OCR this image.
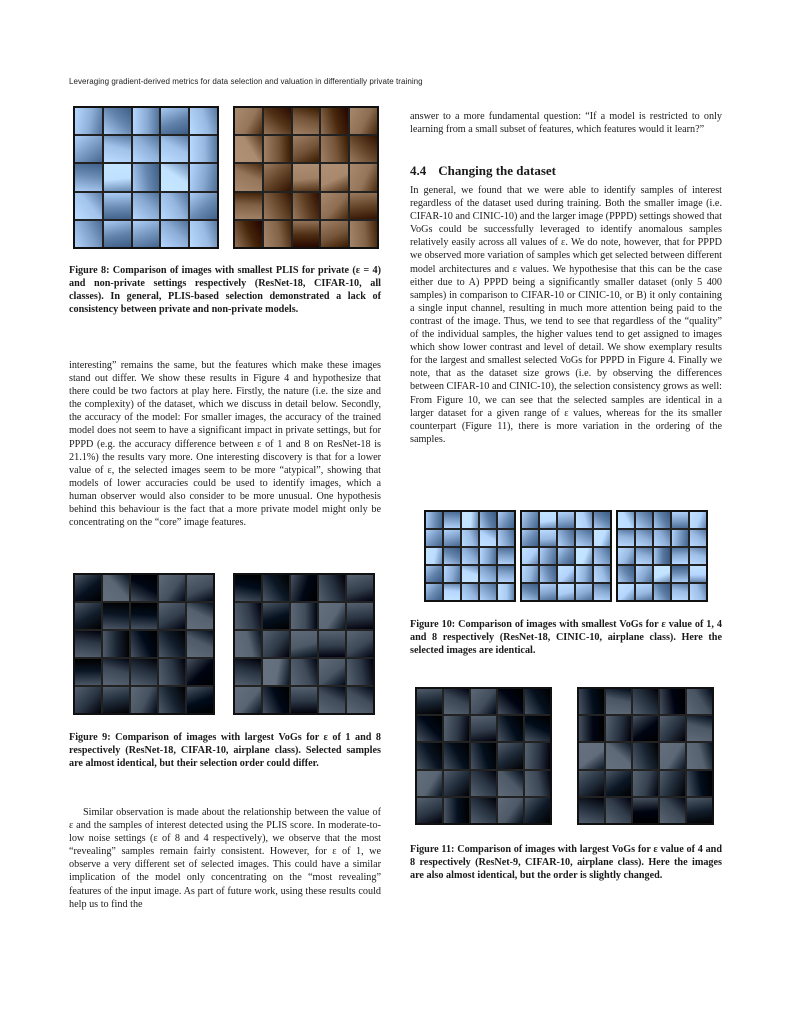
Leveraging gradient-derived metrics for data selection and valuation in differentially private training

Figure 8: Comparison of images with smallest PLIS for private (ε = 4) and non-private settings respectively (ResNet-18, CIFAR-10, all classes). In general, PLIS-based selection demonstrated a lack of consistency between private and non-private models.

interesting” remains the same, but the features which make these images stand out differ. We show these results in Figure 4 and hypothesize that there could be two factors at play here. Firstly, the nature (i.e. the size and the complexity) of the dataset, which we discuss in detail below. Secondly, the accuracy of the model: For smaller images, the accuracy of the trained model does not seem to have a significant impact in private settings, but for PPPD (e.g. the accuracy difference between ε of 1 and 8 on ResNet-18 is 21.1%) the results vary more. One interesting discovery is that for a lower value of ε, the selected images seem to be more “atypical”, showing that models of lower accuracies could be used to identify images, which a human observer would also consider to be more unusual. One hypothesis behind this behaviour is the fact that a more private model might only be concentrating on the “core” image features.

Figure 9: Comparison of images with largest VoGs for ε of 1 and 8 respectively (ResNet-18, CIFAR-10, airplane class). Selected samples are almost identical, but their selection order could differ.

Similar observation is made about the relationship between the value of ε and the samples of interest detected using the PLIS score. In moderate-to-low noise settings (ε of 8 and 4 respectively), we observe that the most “revealing” samples remain fairly consistent. However, for ε of 1, we observe a very different set of selected images. This could have a similar implication of the model only concentrating on the “most revealing” features of the input image. As part of future work, using these results could help us to find the

answer to a more fundamental question: “If a model is restricted to only learning from a small subset of features, which features would it learn?”

4.4 Changing the dataset

In general, we found that we were able to identify samples of interest regardless of the dataset used during training. Both the smaller image (i.e. CIFAR-10 and CINIC-10) and the larger image (PPPD) settings showed that VoGs could be successfully leveraged to identify anomalous samples relatively easily across all values of ε. We do note, however, that for PPPD we observed more variation of samples which get selected between different model architectures and ε values. We hypothesise that this can be the case either due to A) PPPD being a significantly smaller dataset (only 5 400 samples) in comparison to CIFAR-10 or CINIC-10, or B) it only containing a single input channel, resulting in much more attention being paid to the contrast of the image. Thus, we tend to see that regardless of the “quality” of the individual samples, the higher values tend to get assigned to images which show lower contrast and level of detail. We show exemplary results for the largest and smallest selected VoGs for PPPD in Figure 4. Finally we note, that as the dataset size grows (i.e. by observing the differences between CIFAR-10 and CINIC-10), the selection consistency grows as well: From Figure 10, we can see that the selected samples are identical in a larger dataset for a given range of ε values, whereas for the its smaller counterpart (Figure 11), there is more variation in the ordering of the samples.

Figure 10: Comparison of images with smallest VoGs for ε value of 1, 4 and 8 respectively (ResNet-18, CINIC-10, airplane class). Here the selected images are identical.

Figure 11: Comparison of images with largest VoGs for ε value of 4 and 8 respectively (ResNet-9, CIFAR-10, airplane class). Here the images are also almost identical, but the order is slightly changed.
